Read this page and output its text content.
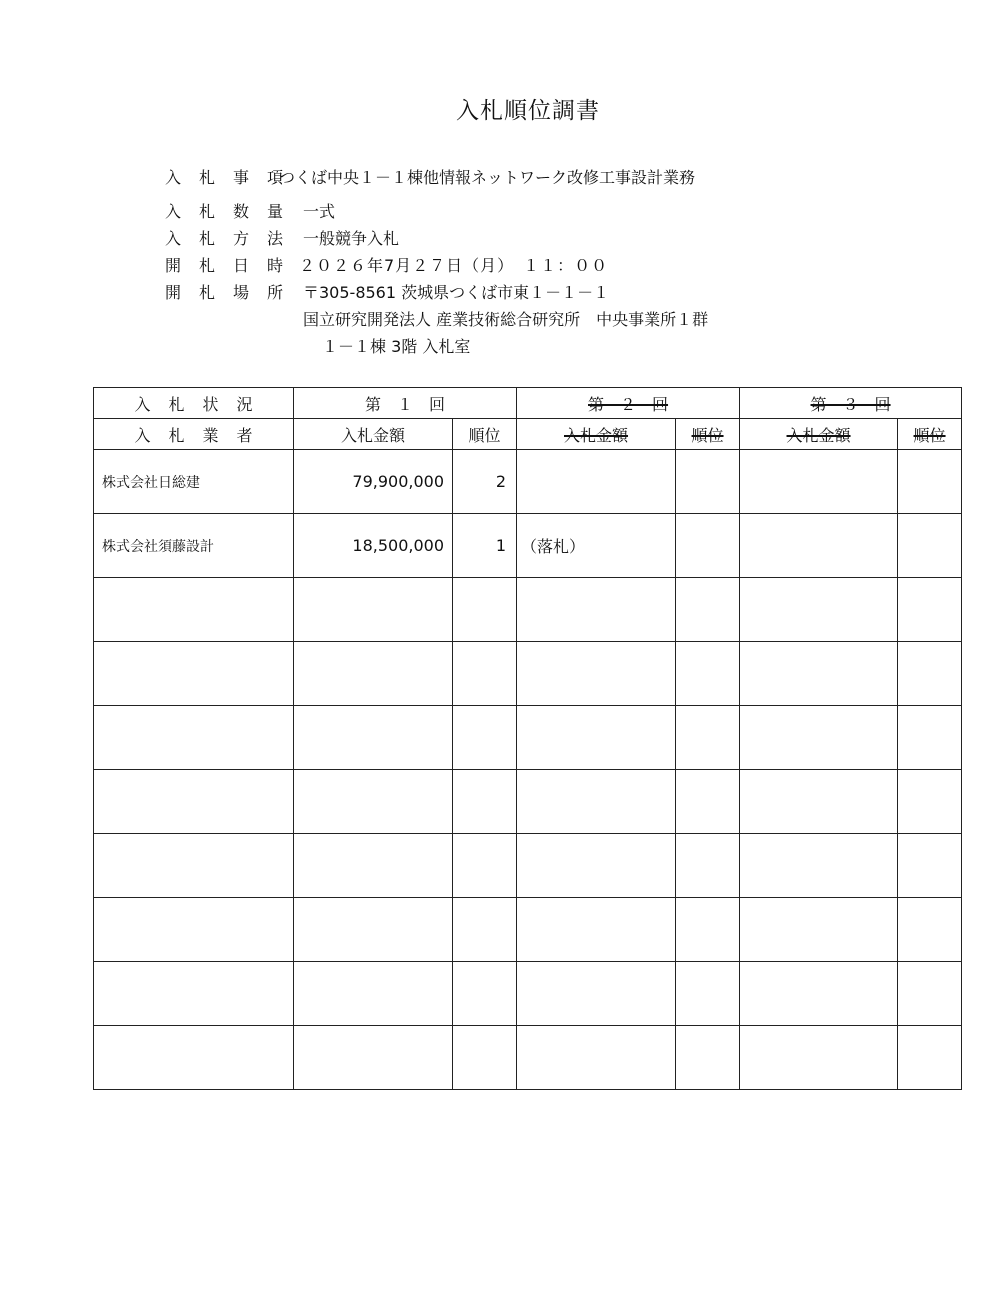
入札順位調書
入 札 事 項つくば中央１－１棟他情報ネットワーク改修工事設計業務
入 札 数 量 一式
入 札 方 法 一般競争入札
開 札 日 時 ２０２６年7月２７日（月）　１１：００
開 札 場 所 〒305-8561 茨城県つくば市東１－１－１
国立研究開発法人 産業技術総合研究所　中央事業所１群
１－１棟 3階 入札室
入 札 状 況	第　１　回		第　２　回		第　３　回	
入 札 業 者	入札金額	順位	入札金額	順位	入札金額	順位
株式会社日総建	79,900,000	2				
株式会社須藤設計	18,500,000	1	（落札）			
